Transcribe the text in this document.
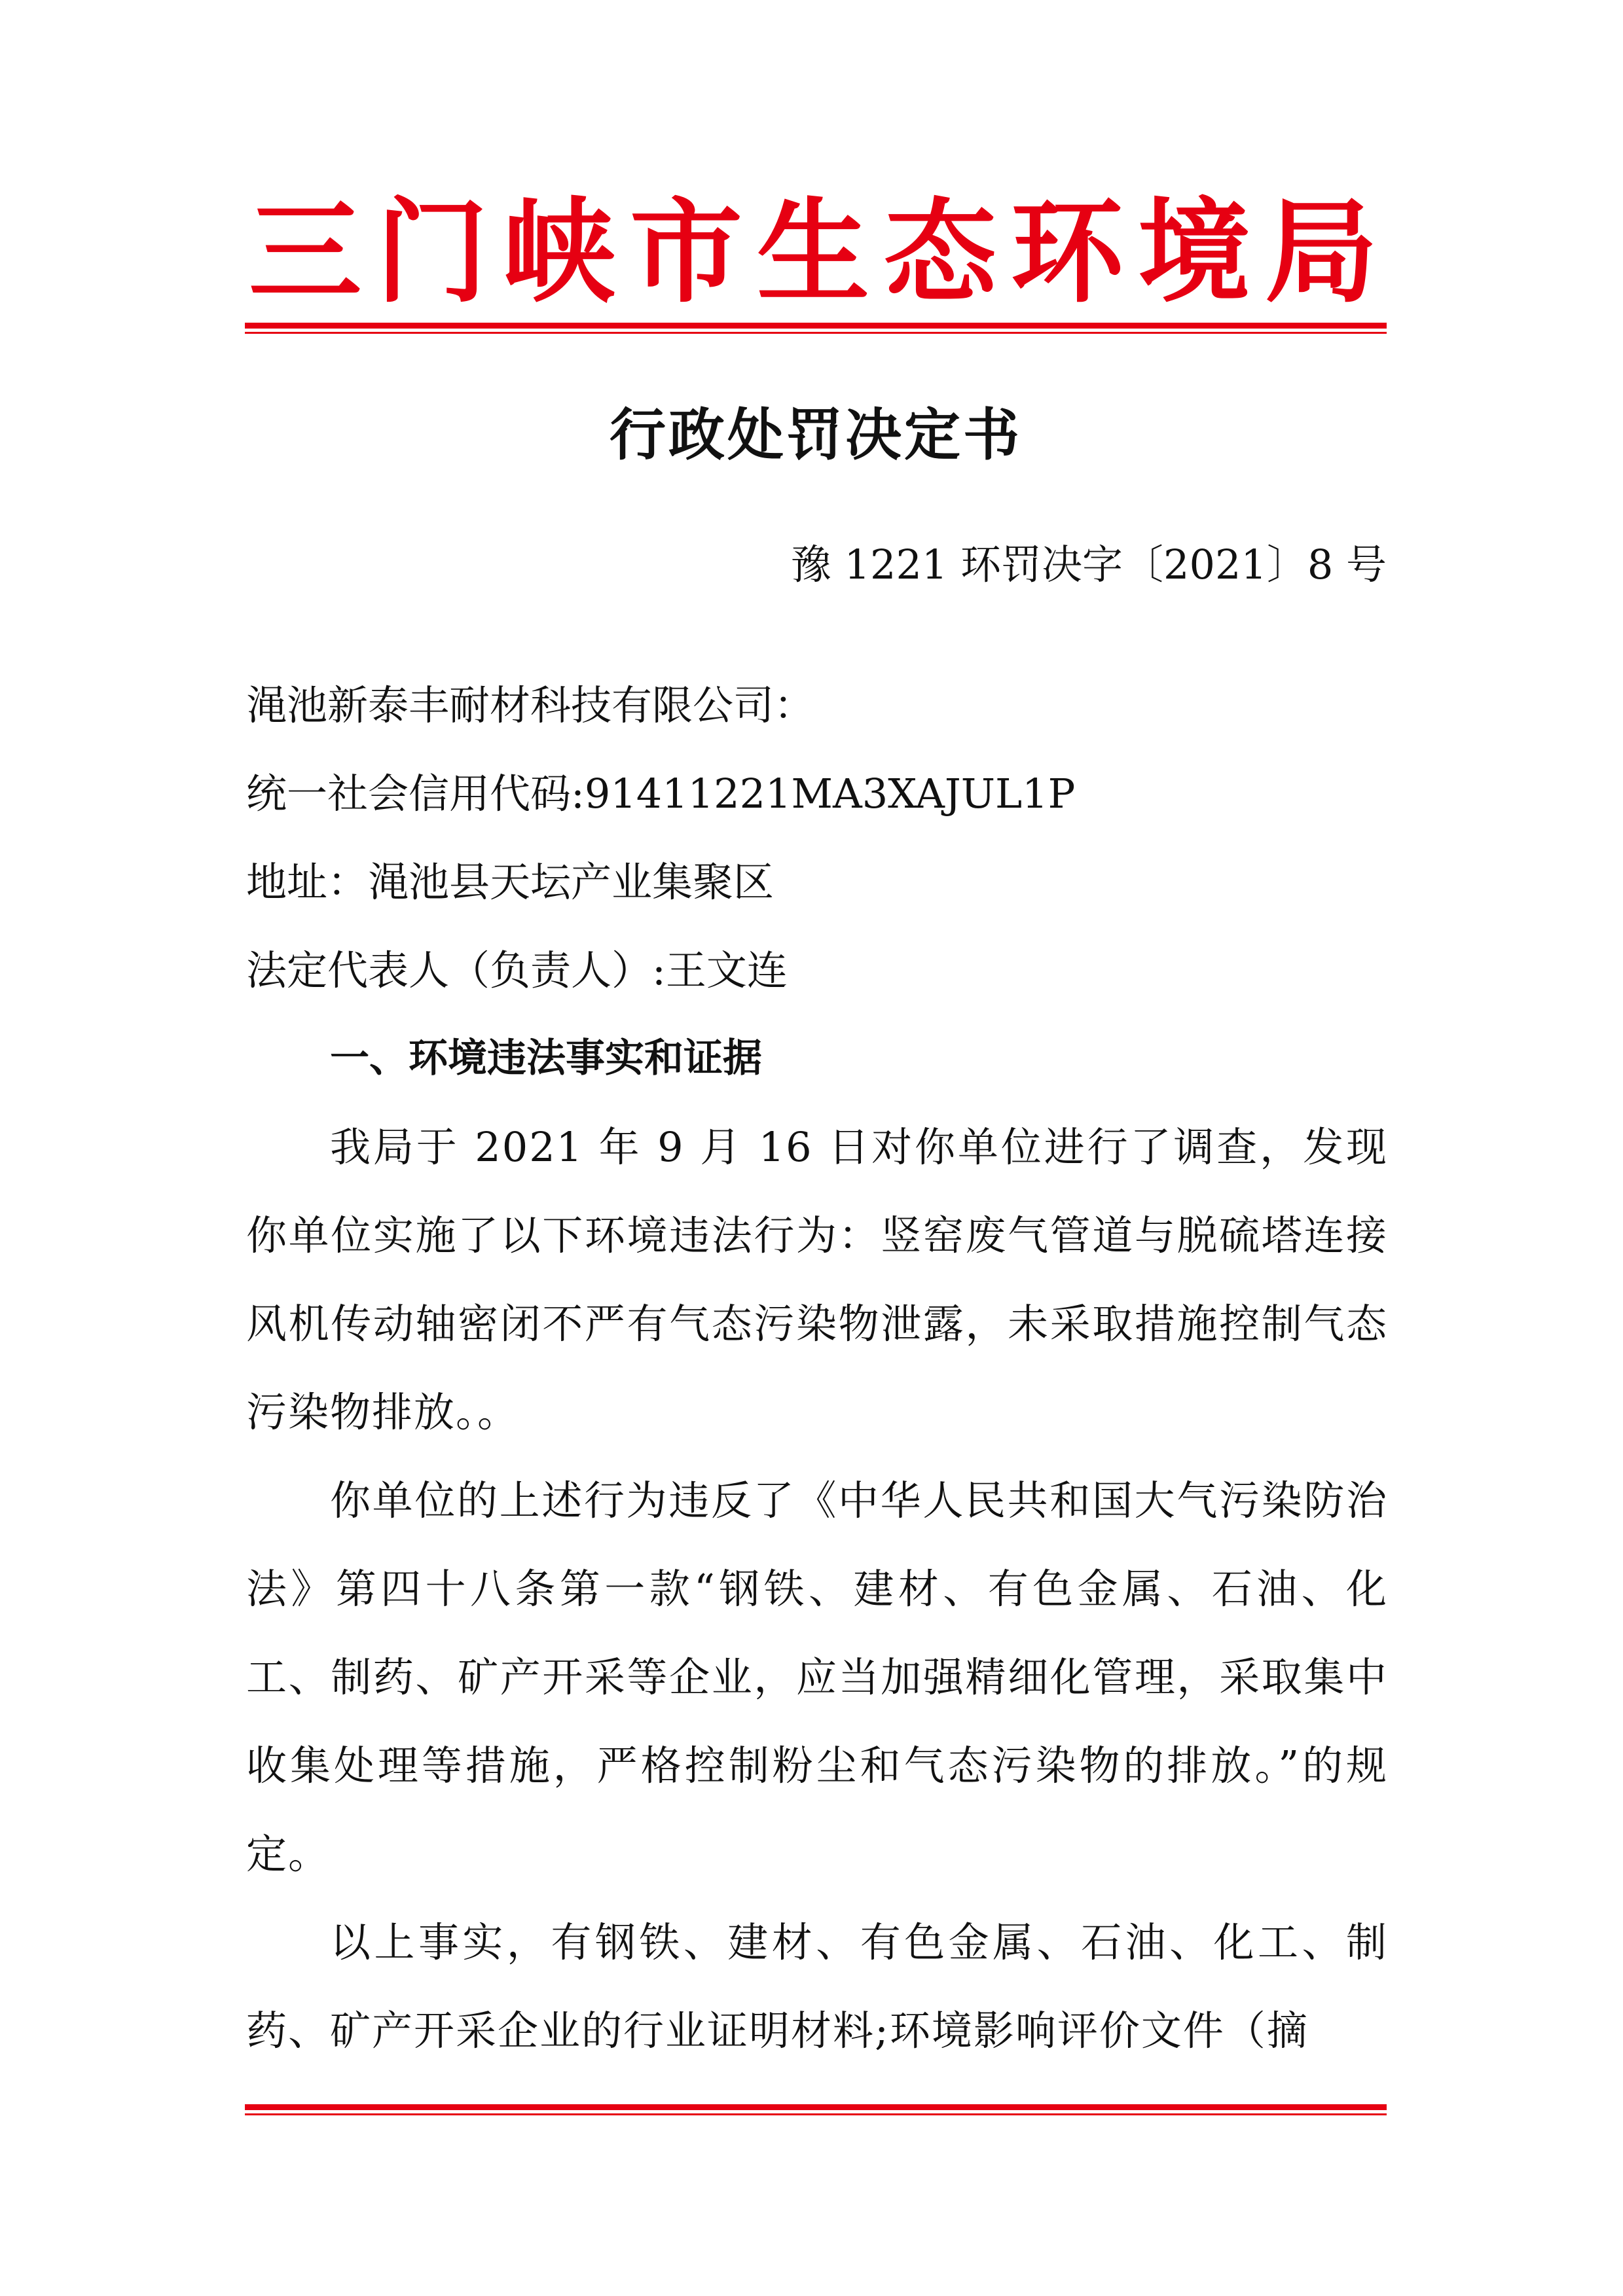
三门峡市生态环境局
行政处罚决定书
豫 1221 环罚决字〔2021〕8 号

渑池新泰丰耐材科技有限公司：

统一社会信用代码:91411221MA3XAJUL1P

地址：渑池县天坛产业集聚区

法定代表人（负责人）:王文连

一、环境违法事实和证据

我局于 2021 年 9 月 16 日对你单位进行了调查，发现你单位实施了以下环境违法行为：竖窑废气管道与脱硫塔连接风机传动轴密闭不严有气态污染物泄露，未采取措施控制气态污染物排放。。

你单位的上述行为违反了《中华人民共和国大气污染防治法》第四十八条第一款“钢铁、建材、有色金属、石油、化工、制药、矿产开采等企业，应当加强精细化管理，采取集中收集处理等措施，严格控制粉尘和气态污染物的排放。”的规定。

以上事实，有钢铁、建材、有色金属、石油、化工、制药、矿产开采企业的行业证明材料;环境影响评价文件（摘
